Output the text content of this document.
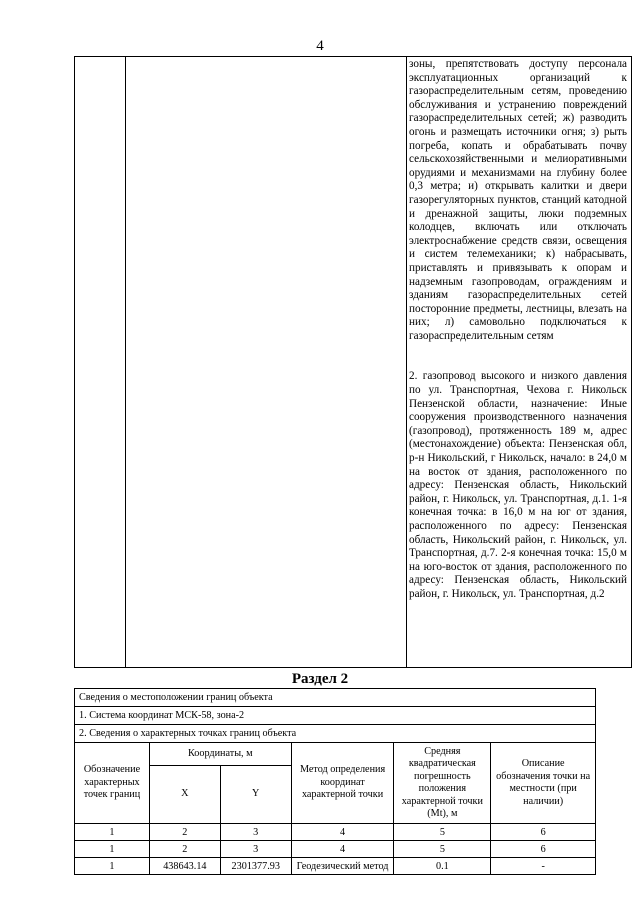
4

зоны, препятствовать доступу персонала эксплуатационных организаций к газораспределительным сетям, проведению обслуживания и устранению повреждений газораспределительных сетей; ж) разводить огонь и размещать источники огня; з) рыть погреба, копать и обрабатывать почву сельскохозяйственными и мелиоративными орудиями и механизмами на глубину более 0,3 метра; и) открывать калитки и двери газорегуляторных пунктов, станций катодной и дренажной защиты, люки подземных колодцев, включать или отключать электроснабжение средств связи, освещения и систем телемеханики; к) набрасывать, приставлять и привязывать к опорам и надземным газопроводам, ограждениям и зданиям газораспределительных сетей посторонние предметы, лестницы, влезать на них; л) самовольно подключаться к газораспределительным сетям

2. газопровод высокого и низкого давления по ул. Транспортная, Чехова г. Никольск Пензенской области, назначение: Иные сооружения производственного назначения (газопровод), протяженность 189 м, адрес (местонахождение) объекта: Пензенская обл, р-н Никольский, г Никольск, начало: в 24,0 м на восток от здания, расположенного по адресу: Пензенская область, Никольский район, г. Никольск, ул. Транспортная, д.1. 1-я конечная точка: в 16,0 м на юг от здания, расположенного по адресу: Пензенская область, Никольский район, г. Никольск, ул. Транспортная, д.7. 2-я конечная точка: 15,0 м на юго-восток от здания, расположенного по адресу: Пензенская область, Никольский район, г. Никольск, ул. Транспортная, д.2

Раздел 2
Сведения о местоположении границ объекта					
1. Система координат МСК-58, зона-2					
2. Сведения о характерных точках границ объекта					
Обозначение характерных точек границ	Координаты, м		Метод определения координат характерной точки	Средняя квадратическая погрешность положения характерной точки (Mt), м	Описание обозначения точки на местности (при наличии)
	X	Y			
1	2	3	4	5	6
1	2	3	4	5	6
1	438643.14	2301377.93	Геодезический метод	0.1	-
